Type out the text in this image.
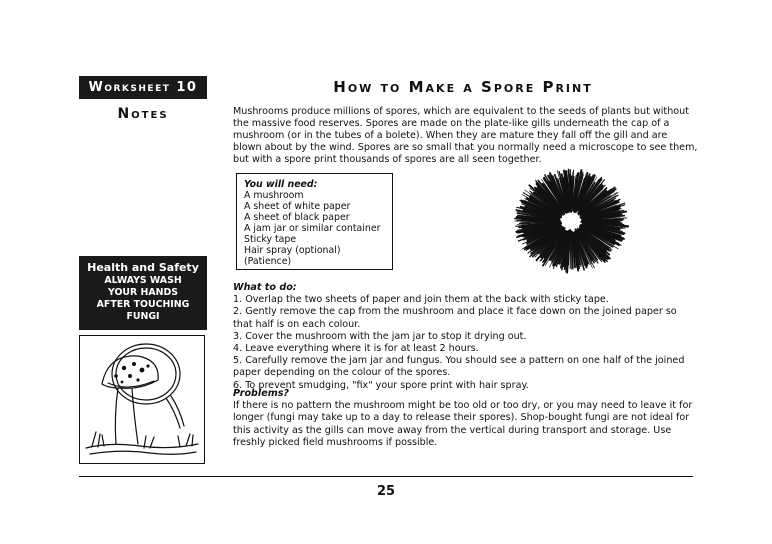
Worksheet 10
Notes
How to Make a Spore Print

Mushrooms produce millions of spores, which are equivalent to the seeds of plants but without the massive food reserves. Spores are made on the plate-like gills underneath the cap of a mushroom (or in the tubes of a bolete). When they are mature they fall off the gill and are blown about by the wind. Spores are so small that you normally need a microscope to see them, but with a spore print thousands of spores are all seen together.

You will need:
A mushroom
A sheet of white paper
A sheet of black paper
A jam jar or similar container
Sticky tape
Hair spray (optional)
(Patience)
Health and Safety
ALWAYS WASH
YOUR HANDS
AFTER TOUCHING
FUNGI
What to do:
1. Overlap the two sheets of paper and join them at the back with sticky tape.
2. Gently remove the cap from the mushroom and place it face down on the joined paper so that half is on each colour.
3. Cover the mushroom with the jam jar to stop it drying out.
4. Leave everything where it is for at least 2 hours.
5. Carefully remove the jam jar and fungus. You should see a pattern on one half of the joined paper depending on the colour of the spores.
6. To prevent smudging, "fix" your spore print with hair spray.
Problems?

If there is no pattern the mushroom might be too old or too dry, or you may need to leave it for longer (fungi may take up to a day to release their spores). Shop-bought fungi are not ideal for this activity as the gills can move away from the vertical during transport and storage. Use freshly picked field mushrooms if possible.

25
